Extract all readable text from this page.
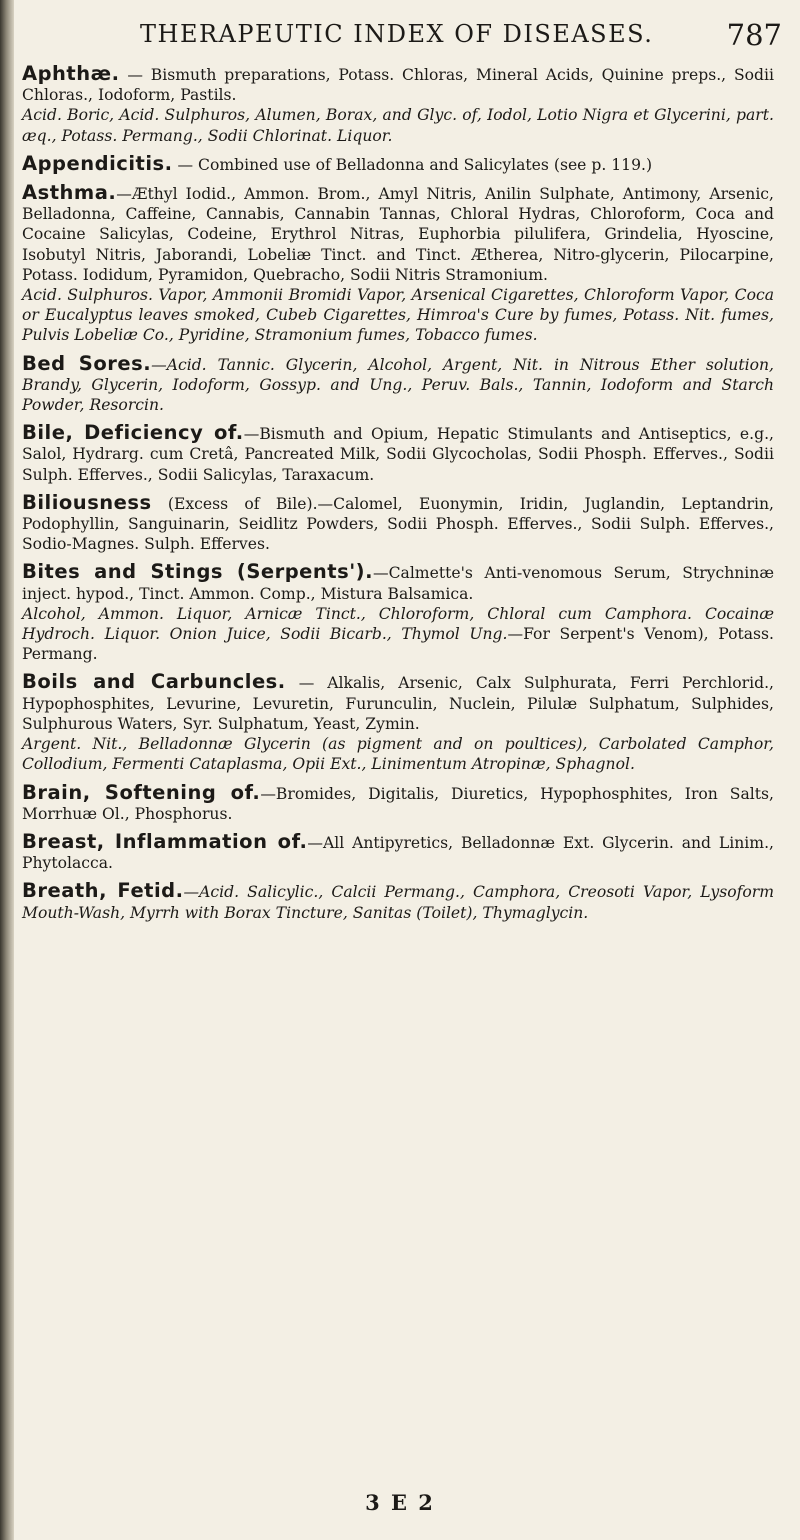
THERAPEUTIC INDEX OF DISEASES.	787

Aphthæ. — Bismuth preparations, Potass. Chloras, Mineral Acids, Quinine preps., Sodii Chloras., Iodoform, Pastils.

Acid. Boric, Acid. Sulphuros, Alumen, Borax, and Glyc. of, Iodol, Lotio Nigra et Glycerini, part. æq., Potass. Permang., Sodii Chlorinat. Liquor.

Appendicitis. — Combined use of Belladonna and Salicylates (see p. 119.)

Asthma.—Æthyl Iodid., Ammon. Brom., Amyl Nitris, Anilin Sulphate, Antimony, Arsenic, Belladonna, Caffeine, Cannabis, Cannabin Tannas, Chloral Hydras, Chloroform, Coca and Cocaine Salicylas, Codeine, Erythrol Nitras, Euphorbia pilulifera, Grindelia, Hyoscine, Isobutyl Nitris, Jaborandi, Lobeliæ Tinct. and Tinct. Ætherea, Nitro-glycerin, Pilocarpine, Potass. Iodidum, Pyramidon, Quebracho, Sodii Nitris Stramonium.

Acid. Sulphuros. Vapor, Ammonii Bromidi Vapor, Arsenical Cigarettes, Chloroform Vapor, Coca or Eucalyptus leaves smoked, Cubeb Cigarettes, Himroa's Cure by fumes, Potass. Nit. fumes, Pulvis Lobeliæ Co., Pyridine, Stramonium fumes, Tobacco fumes.

Bed Sores.—Acid. Tannic. Glycerin, Alcohol, Argent, Nit. in Nitrous Ether solution, Brandy, Glycerin, Iodoform, Gossyp. and Ung., Peruv. Bals., Tannin, Iodoform and Starch Powder, Resorcin.

Bile, Deficiency of.—Bismuth and Opium, Hepatic Stimulants and Antiseptics, e.g., Salol, Hydrarg. cum Cretâ, Pancreated Milk, Sodii Glycocholas, Sodii Phosph. Efferves., Sodii Sulph. Efferves., Sodii Salicylas, Taraxacum.

Biliousness (Excess of Bile).—Calomel, Euonymin, Iridin, Juglandin, Leptandrin, Podophyllin, Sanguinarin, Seidlitz Powders, Sodii Phosph. Efferves., Sodii Sulph. Efferves., Sodio-Magnes. Sulph. Efferves.

Bites and Stings (Serpents').—Calmette's Anti-venomous Serum, Strychninæ inject. hypod., Tinct. Ammon. Comp., Mistura Balsamica.

Alcohol, Ammon. Liquor, Arnicæ Tinct., Chloroform, Chloral cum Camphora. Cocainæ Hydroch. Liquor. Onion Juice, Sodii Bicarb., Thymol Ung.—For Serpent's Venom), Potass. Permang.

Boils and Carbuncles. — Alkalis, Arsenic, Calx Sulphurata, Ferri Perchlorid., Hypophosphites, Levurine, Levuretin, Furunculin, Nuclein, Pilulæ Sulphatum, Sulphides, Sulphurous Waters, Syr. Sulphatum, Yeast, Zymin.

Argent. Nit., Belladonnæ Glycerin (as pigment and on poultices), Carbolated Camphor, Collodium, Fermenti Cataplasma, Opii Ext., Linimentum Atropinæ, Sphagnol.

Brain, Softening of.—Bromides, Digitalis, Diuretics, Hypophosphites, Iron Salts, Morrhuæ Ol., Phosphorus.

Breast, Inflammation of.—All Antipyretics, Belladonnæ Ext. Glycerin. and Linim., Phytolacca.

Breath, Fetid.—Acid. Salicylic., Calcii Permang., Camphora, Creosoti Vapor, Lysoform Mouth-Wash, Myrrh with Borax Tincture, Sanitas (Toilet), Thymaglycin.

3 E 2
